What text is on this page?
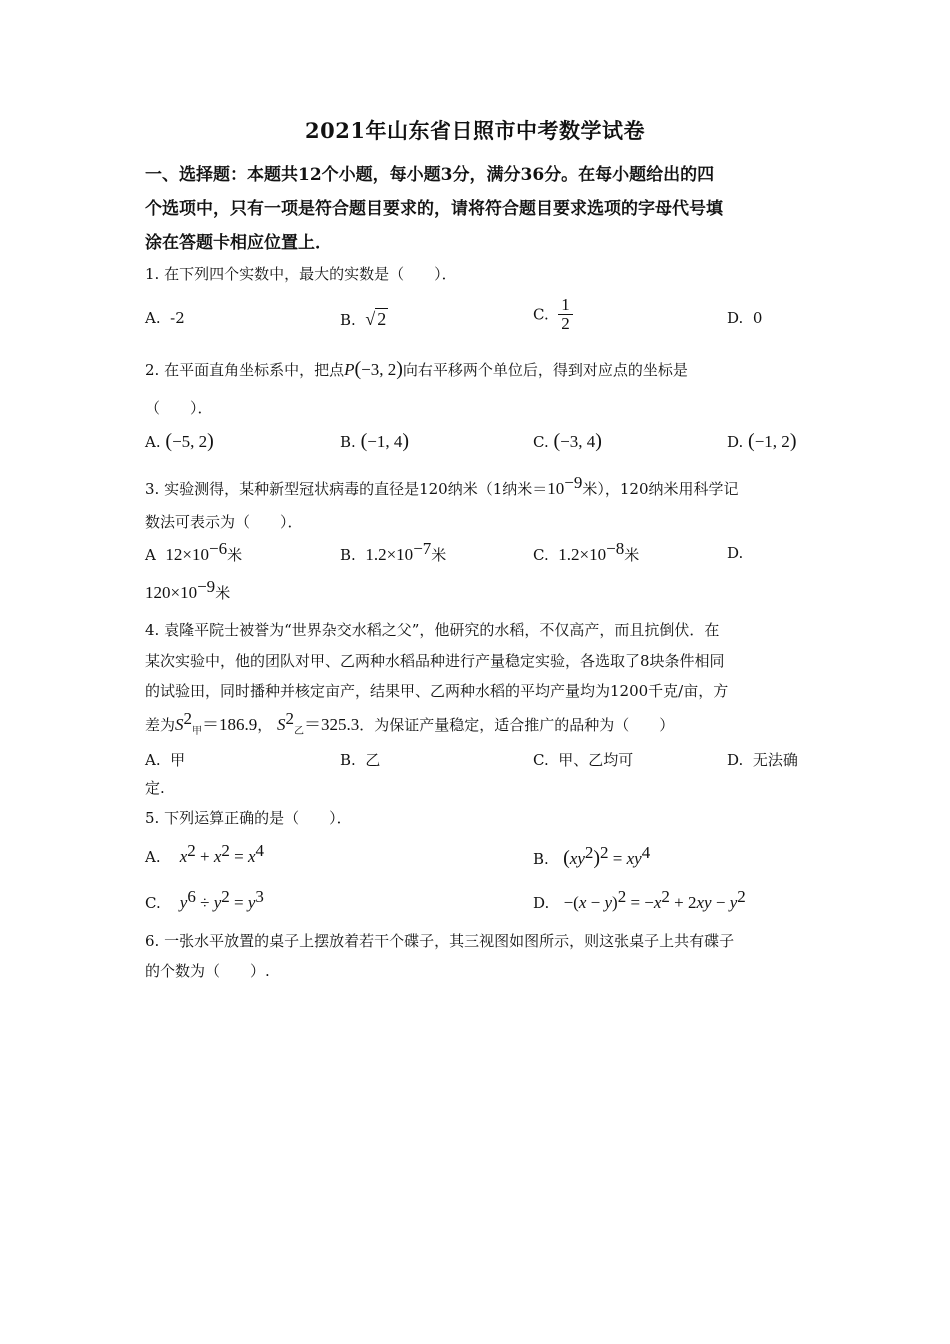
2021年山东省日照市中考数学试卷
一、选择题：本题共12个小题，每小题3分，满分36分。在每小题给出的四
个选项中，只有一项是符合题目要求的，请将符合题目要求选项的字母代号填
涂在答题卡相应位置上．
1. 在下列四个实数中，最大的实数是（　　）．
A. -2	B. √ 2	C. $\frac{1}{2}$	D. 0
2. 在平面直角坐标系中，把点P(−3, 2)向右平移两个单位后，得到对应点的坐标是
（　　）．
A. (−5, 2)	B. (−1, 4)	C. (−3, 4)	D. (−1, 2)
3. 实验测得，某种新型冠状病毒的直径是120纳米（1纳米$=10^{-9}$米），120纳米用科学记
数法可表示为（　　）．
A $12\times 10^{-6}$米	B. $1.2\times 10^{-7}$米	C. $1.2\times 10^{-8}$米	D.
$120\times 10^{-9}$米
4. 袁隆平院士被誉为“世界杂交水稻之父”，他研究的水稻，不仅高产，而且抗倒伏．在
某次实验中，他的团队对甲、乙两种水稻品种进行产量稳定实验，各选取了8块条件相同
的试验田，同时播种并核定亩产，结果甲、乙两种水稻的平均产量均为1200千克/亩，方
差为$S^2_甲=186.9$， $S^2_乙=325.3$．为保证产量稳定，适合推广的品种为（　　）
A. 甲	B. 乙	C. 甲、乙均可	D. 无法确
定.
5. 下列运算正确的是（　　）．
A. $x^2 + x^2 = x^4$	B. $(xy^2)^2 = xy^4$
C. $y^6 \div y^2 = y^3$	D. $-(x - y)^2 = -x^2 + 2xy - y^2$
6. 一张水平放置的桌子上摆放着若干个碟子，其三视图如图所示，则这张桌子上共有碟子
的个数为（　　）.
